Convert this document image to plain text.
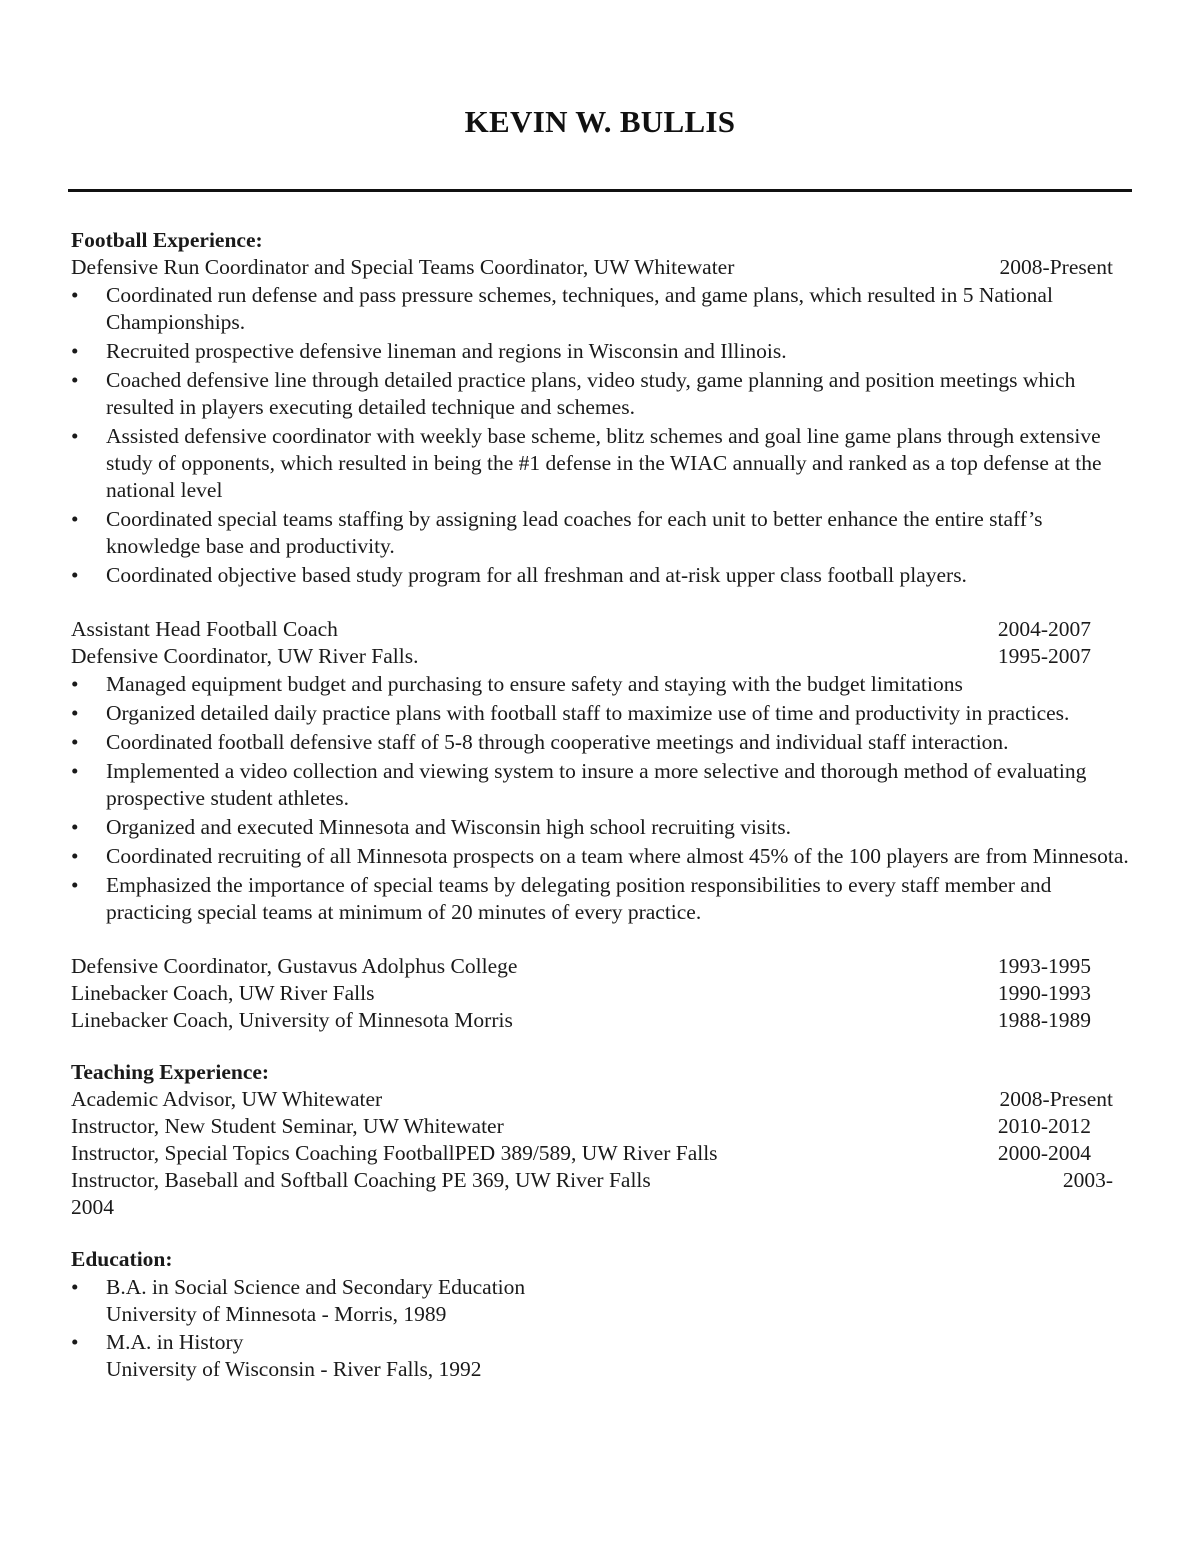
KEVIN W. BULLIS
Football Experience:
Defensive Run Coordinator and Special Teams Coordinator, UW Whitewater	2008-Present
• Coordinated run defense and pass pressure schemes, techniques, and game plans, which resulted in 5 National Championships.
• Recruited prospective defensive lineman and regions in Wisconsin and Illinois.
• Coached defensive line through detailed practice plans, video study, game planning and position meetings which resulted in players executing detailed technique and schemes.
• Assisted defensive coordinator with weekly base scheme, blitz schemes and goal line game plans through extensive study of opponents, which resulted in being the #1 defense in the WIAC annually and ranked as a top defense at the national level
• Coordinated special teams staffing by assigning lead coaches for each unit to better enhance the entire staff’s knowledge base and productivity.
• Coordinated objective based study program for all freshman and at-risk upper class football players.
Assistant Head Football Coach	2004-2007
Defensive Coordinator, UW River Falls.	1995-2007
• Managed equipment budget and purchasing to ensure safety and staying with the budget limitations
• Organized detailed daily practice plans with football staff to maximize use of time and productivity in practices.
• Coordinated football defensive staff of 5-8 through cooperative meetings and individual staff interaction.
• Implemented a video collection and viewing system to insure a more selective and thorough method of evaluating prospective student athletes.
• Organized and executed Minnesota and Wisconsin high school recruiting visits.
• Coordinated recruiting of all Minnesota prospects on a team where almost 45% of the 100 players are from Minnesota.
• Emphasized the importance of special teams by delegating position responsibilities to every staff member and practicing special teams at minimum of 20 minutes of every practice.
Defensive Coordinator, Gustavus Adolphus College	1993-1995
Linebacker Coach, UW River Falls	1990-1993
Linebacker Coach, University of Minnesota Morris	1988-1989
Teaching Experience:
Academic Advisor, UW Whitewater	2008-Present
Instructor, New Student Seminar, UW Whitewater	2010-2012
Instructor, Special Topics Coaching FootballPED 389/589, UW River Falls	2000-2004
Instructor, Baseball and Softball Coaching PE 369, UW River Falls	2003-
2004
Education:
• B.A. in Social Science and Secondary Education
University of Minnesota - Morris, 1989
• M.A. in History
University of Wisconsin - River Falls, 1992
